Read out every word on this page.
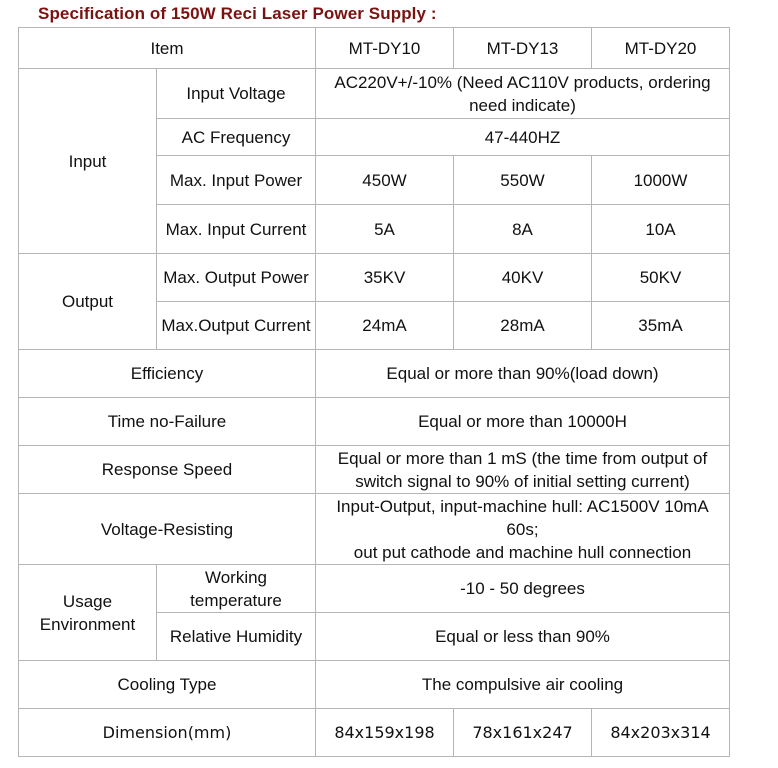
Specification of 150W Reci Laser Power Supply :
Item		MT-DY10	MT-DY13	MT-DY20
Input	Input Voltage	AC220V+/-10% (Need AC110V products, ordering need indicate)		
	AC Frequency	47-440HZ		
	Max. Input Power	450W	550W	1000W
	Max. Input Current	5A	8A	10A
Output	Max. Output Power	35KV	40KV	50KV
	Max.Output Current	24mA	28mA	35mA
Efficiency		Equal or more than 90%(load down)		
Time no-Failure		Equal or more than 10000H		
Response Speed		Equal or more than 1 mS (the time from output of switch signal to 90% of initial setting current)		
Voltage-Resisting		Input-Output, input-machine hull: AC1500V 10mA 60s;
out put cathode and machine hull connection		
Usage Environment	Working temperature	-10 - 50 degrees		
	Relative Humidity	Equal or less than 90%		
Cooling Type		The compulsive air cooling		
Dimension(mm)		84x159x198	78x161x247	84x203x314
